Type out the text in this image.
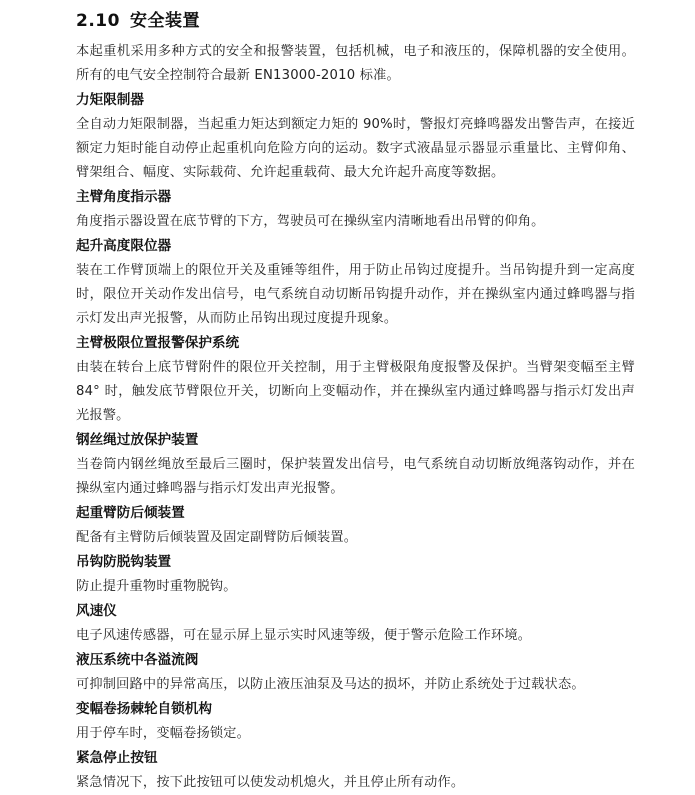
2.10 安全装置

本起重机采用多种方式的安全和报警装置，包括机械，电子和液压的，保障机器的安全使用。所有的电气安全控制符合最新 EN13000-2010 标准。

力矩限制器

全自动力矩限制器，当起重力矩达到额定力矩的 90%时，警报灯亮蜂鸣器发出警告声，在接近额定力矩时能自动停止起重机向危险方向的运动。数字式液晶显示器显示重量比、主臂仰角、臂架组合、幅度、实际载荷、允许起重载荷、最大允许起升高度等数据。

主臂角度指示器

角度指示器设置在底节臂的下方，驾驶员可在操纵室内清晰地看出吊臂的仰角。

起升高度限位器

装在工作臂顶端上的限位开关及重锤等组件，用于防止吊钩过度提升。当吊钩提升到一定高度时，限位开关动作发出信号，电气系统自动切断吊钩提升动作，并在操纵室内通过蜂鸣器与指示灯发出声光报警，从而防止吊钩出现过度提升现象。

主臂极限位置报警保护系统

由装在转台上底节臂附件的限位开关控制，用于主臂极限角度报警及保护。当臂架变幅至主臂 84° 时，触发底节臂限位开关，切断向上变幅动作，并在操纵室内通过蜂鸣器与指示灯发出声光报警。

钢丝绳过放保护装置

当卷筒内钢丝绳放至最后三圈时，保护装置发出信号，电气系统自动切断放绳落钩动作，并在操纵室内通过蜂鸣器与指示灯发出声光报警。

起重臂防后倾装置

配备有主臂防后倾装置及固定副臂防后倾装置。

吊钩防脱钩装置

防止提升重物时重物脱钩。

风速仪

电子风速传感器，可在显示屏上显示实时风速等级，便于警示危险工作环境。

液压系统中各溢流阀

可抑制回路中的异常高压，以防止液压油泵及马达的损坏，并防止系统处于过载状态。

变幅卷扬棘轮自锁机构

用于停车时，变幅卷扬锁定。

紧急停止按钮

紧急情况下，按下此按钮可以使发动机熄火，并且停止所有动作。
